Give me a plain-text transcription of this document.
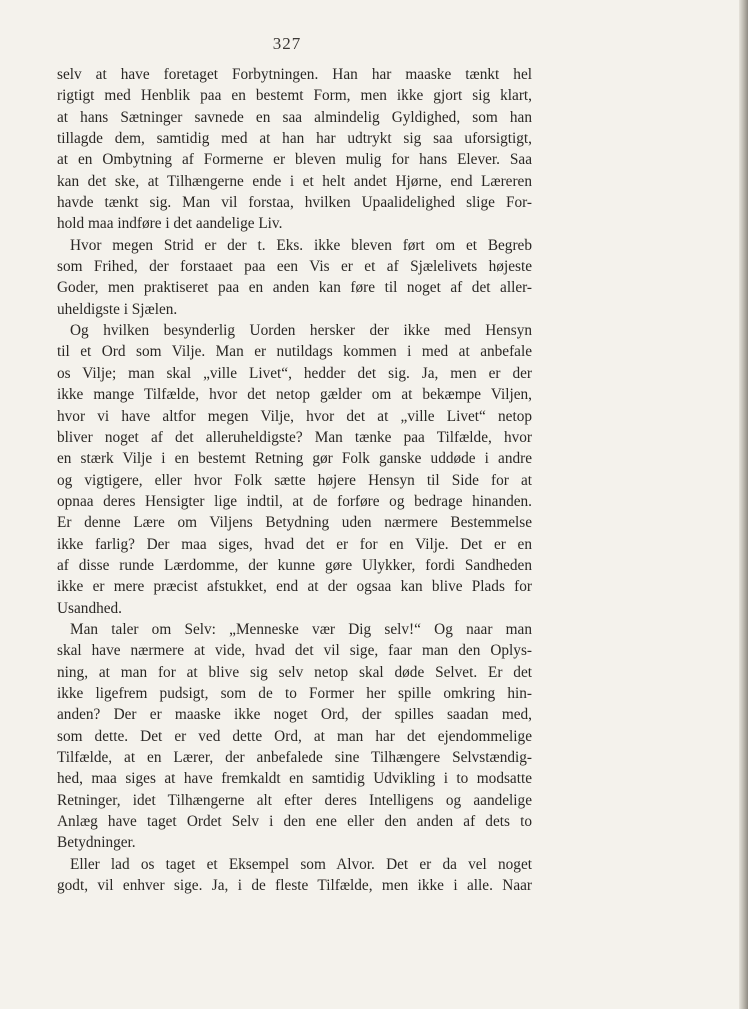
327
selv at have foretaget Forbytningen. Han har maaske tænkt hel
rigtigt med Henblik paa en bestemt Form, men ikke gjort sig klart,
at hans Sætninger savnede en saa almindelig Gyldighed, som han
tillagde dem, samtidig med at han har udtrykt sig saa uforsigtigt,
at en Ombytning af Formerne er bleven mulig for hans Elever. Saa
kan det ske, at Tilhængerne ende i et helt andet Hjørne, end Læreren
havde tænkt sig. Man vil forstaa, hvilken Upaalidelighed slige For-
hold maa indføre i det aandelige Liv.
Hvor megen Strid er der t. Eks. ikke bleven ført om et Begreb
som Frihed, der forstaaet paa een Vis er et af Sjælelivets højeste
Goder, men praktiseret paa en anden kan føre til noget af det aller-
uheldigste i Sjælen.
Og hvilken besynderlig Uorden hersker der ikke med Hensyn
til et Ord som Vilje. Man er nutildags kommen i med at anbefale
os Vilje; man skal „ville Livet“, hedder det sig. Ja, men er der
ikke mange Tilfælde, hvor det netop gælder om at bekæmpe Viljen,
hvor vi have altfor megen Vilje, hvor det at „ville Livet“ netop
bliver noget af det alleruheldigste? Man tænke paa Tilfælde, hvor
en stærk Vilje i en bestemt Retning gør Folk ganske uddøde i andre
og vigtigere, eller hvor Folk sætte højere Hensyn til Side for at
opnaa deres Hensigter lige indtil, at de forføre og bedrage hinanden.
Er denne Lære om Viljens Betydning uden nærmere Bestemmelse
ikke farlig? Der maa siges, hvad det er for en Vilje. Det er en
af disse runde Lærdomme, der kunne gøre Ulykker, fordi Sandheden
ikke er mere præcist afstukket, end at der ogsaa kan blive Plads for
Usandhed.
Man taler om Selv: „Menneske vær Dig selv!“ Og naar man
skal have nærmere at vide, hvad det vil sige, faar man den Oplys-
ning, at man for at blive sig selv netop skal døde Selvet. Er det
ikke ligefrem pudsigt, som de to Former her spille omkring hin-
anden? Der er maaske ikke noget Ord, der spilles saadan med,
som dette. Det er ved dette Ord, at man har det ejendommelige
Tilfælde, at en Lærer, der anbefalede sine Tilhængere Selvstændig-
hed, maa siges at have fremkaldt en samtidig Udvikling i to modsatte
Retninger, idet Tilhængerne alt efter deres Intelligens og aandelige
Anlæg have taget Ordet Selv i den ene eller den anden af dets to
Betydninger.
Eller lad os taget et Eksempel som Alvor. Det er da vel noget
godt, vil enhver sige. Ja, i de fleste Tilfælde, men ikke i alle. Naar
